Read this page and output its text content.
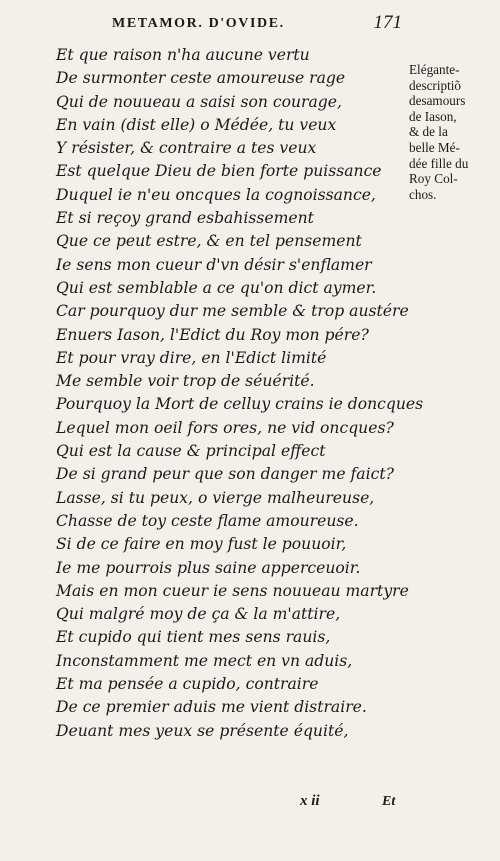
METAMOR. D'OVIDE.	171
Et que raison n'ha aucune vertu
De surmonter ceste amoureuse rage
Qui de nouueau a saisi son courage,
En vain (dist elle) o Médée, tu veux
Y résister, & contraire a tes veux
Est quelque Dieu de bien forte puissance
Duquel ie n'eu oncques la cognoissance,
Et si reçoy grand esbahissement
Que ce peut estre, & en tel pensement
Ie sens mon cueur d'vn désir s'enflamer
Qui est semblable a ce qu'on dict aymer.
Car pourquoy dur me semble & trop austére
Enuers Iason, l'Edict du Roy mon pére?
Et pour vray dire, en l'Edict limité
Me semble voir trop de séuérité.
Pourquoy la Mort de celluy crains ie doncques
Lequel mon oeil fors ores, ne vid oncques?
Qui est la cause & principal effect
De si grand peur que son danger me faict?
Lasse, si tu peux, o vierge malheureuse,
Chasse de toy ceste flame amoureuse.
Si de ce faire en moy fust le pouuoir,
Ie me pourrois plus saine apperceuoir.
Mais en mon cueur ie sens nouueau martyre
Qui malgré moy de ça & la m'attire,
Et cupido qui tient mes sens rauis,
Inconstamment me mect en vn aduis,
Et ma pensée a cupido, contraire
De ce premier aduis me vient distraire.
Deuant mes yeux se présente équité,
Elégante-
descriptiõ
desamours
de Iason,
& de la
belle Mé-
dée fille du
Roy Col-
chos.
x ii	Et
